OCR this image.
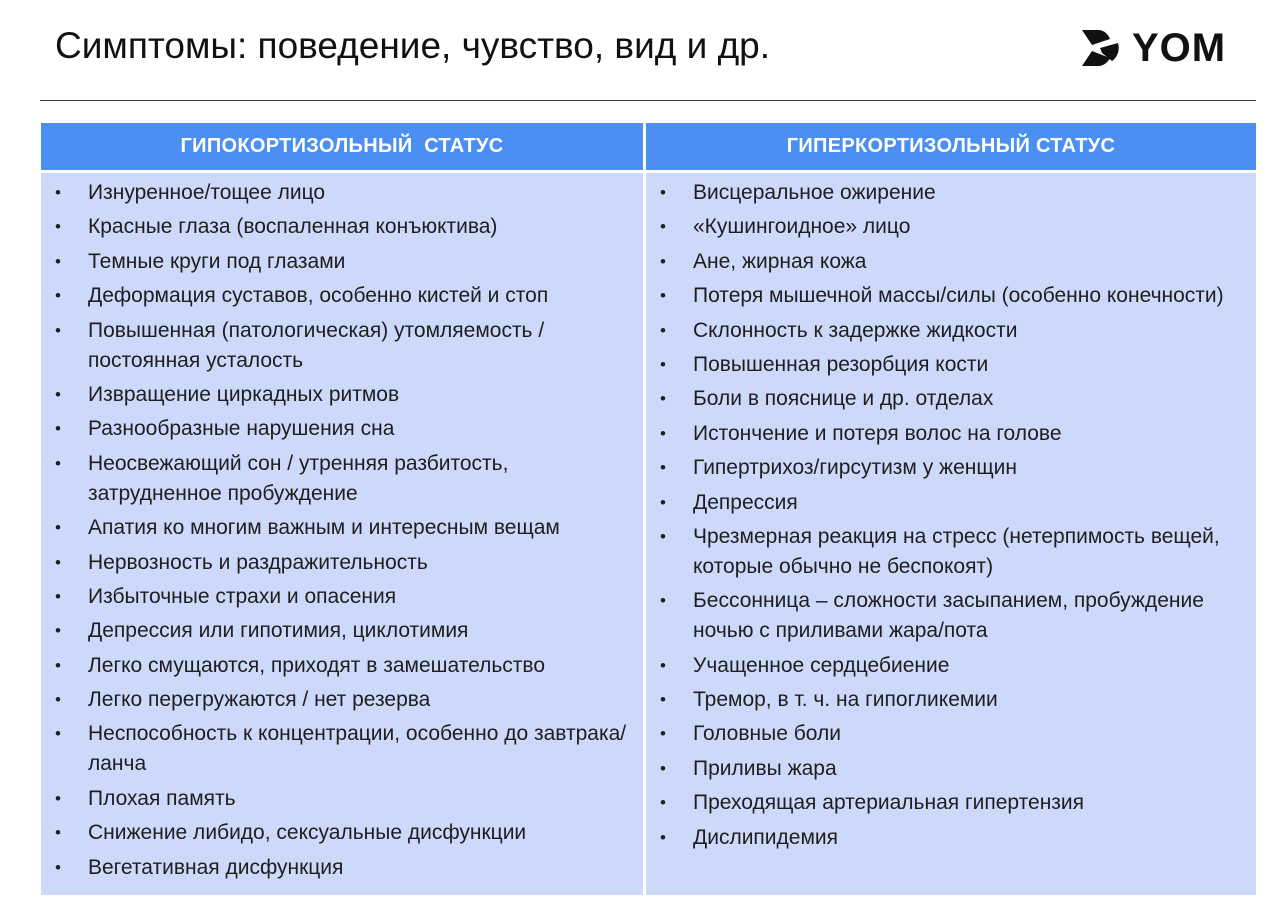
Симптомы: поведение, чувство, вид и др.	YOM
ГИПОКОРТИЗОЛЬНЫЙ  СТАТУС
• Изнуренное/тощее лицо
• Красные глаза (воспаленная конъюктива)
• Темные круги под глазами
• Деформация суставов, особенно кистей и стоп
• Повышенная (патологическая) утомляемость / постоянная усталость
• Извращение циркадных ритмов
• Разнообразные нарушения сна
• Неосвежающий сон / утренняя разбитость, затрудненное пробуждение
• Апатия ко многим важным и интересным вещам
• Нервозность и раздражительность
• Избыточные страхи и опасения
• Депрессия или гипотимия, циклотимия
• Легко смущаются, приходят в замешательство
• Легко перегружаются / нет резерва
• Неспособность к концентрации, особенно до завтрака/ланча
• Плохая память
• Снижение либидо, сексуальные дисфункции
• Вегетативная дисфункция
ГИПЕРКОРТИЗОЛЬНЫЙ СТАТУС
• Висцеральное ожирение
• «Кушингоидное» лицо
• Ане, жирная кожа
• Потеря мышечной массы/силы (особенно конечности)
• Склонность к задержке жидкости
• Повышенная резорбция кости
• Боли в пояснице и др. отделах
• Истончение и потеря волос на голове
• Гипертрихоз/гирсутизм у женщин
• Депрессия
• Чрезмерная реакция на стресс (нетерпимость вещей, которые обычно не беспокоят)
• Бессонница – сложности засыпанием, пробуждение ночью с приливами жара/пота
• Учащенное сердцебиение
• Тремор, в т. ч. на гипогликемии
• Головные боли
• Приливы жара
• Преходящая артериальная гипертензия
• Дислипидемия
